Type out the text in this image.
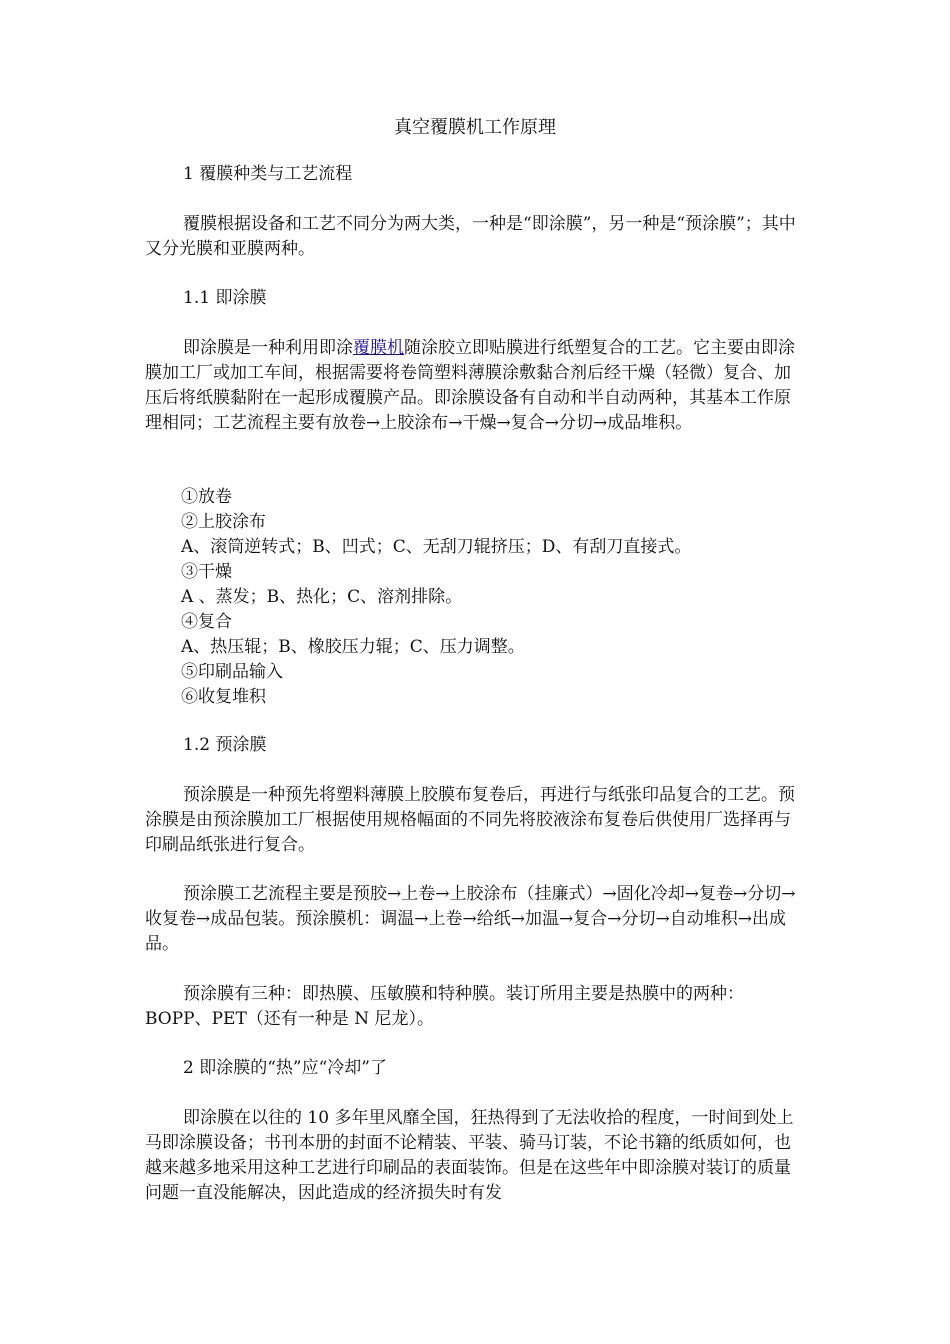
真空覆膜机工作原理
1 覆膜种类与工艺流程

覆膜根据设备和工艺不同分为两大类，一种是“即涂膜”，另一种是“预涂膜”；其中又分光膜和亚膜两种。

1.1 即涂膜

即涂膜是一种利用即涂覆膜机随涂胶立即贴膜进行纸塑复合的工艺。它主要由即涂膜加工厂或加工车间，根据需要将卷筒塑料薄膜涂敷黏合剂后经干燥（轻微）复合、加压后将纸膜黏附在一起形成覆膜产品。即涂膜设备有自动和半自动两种，其基本工作原理相同；工艺流程主要有放卷→上胶涂布→干燥→复合→分切→成品堆积。

①放卷
②上胶涂布
A、滚筒逆转式；B、凹式；C、无刮刀辊挤压；D、有刮刀直接式。
③干燥
A 、蒸发；B、热化；C、溶剂排除。
④复合
A、热压辊；B、橡胶压力辊；C、压力调整。
⑤印刷品输入
⑥收复堆积
1.2 预涂膜

预涂膜是一种预先将塑料薄膜上胶膜布复卷后，再进行与纸张印品复合的工艺。预涂膜是由预涂膜加工厂根据使用规格幅面的不同先将胶液涂布复卷后供使用厂选择再与印刷品纸张进行复合。

预涂膜工艺流程主要是预胶→上卷→上胶涂布（挂廉式）→固化冷却→复卷→分切→收复卷→成品包装。预涂膜机：调温→上卷→给纸→加温→复合→分切→自动堆积→出成品。

预涂膜有三种：即热膜、压敏膜和特种膜。装订所用主要是热膜中的两种：BOPP、PET（还有一种是 N 尼龙）。

2 即涂膜的“热”应“冷却”了

即涂膜在以往的 10 多年里风靡全国，狂热得到了无法收拾的程度，一时间到处上马即涂膜设备；书刊本册的封面不论精装、平装、骑马订装，不论书籍的纸质如何，也越来越多地采用这种工艺进行印刷品的表面装饰。但是在这些年中即涂膜对装订的质量问题一直没能解决，因此造成的经济损失时有发
